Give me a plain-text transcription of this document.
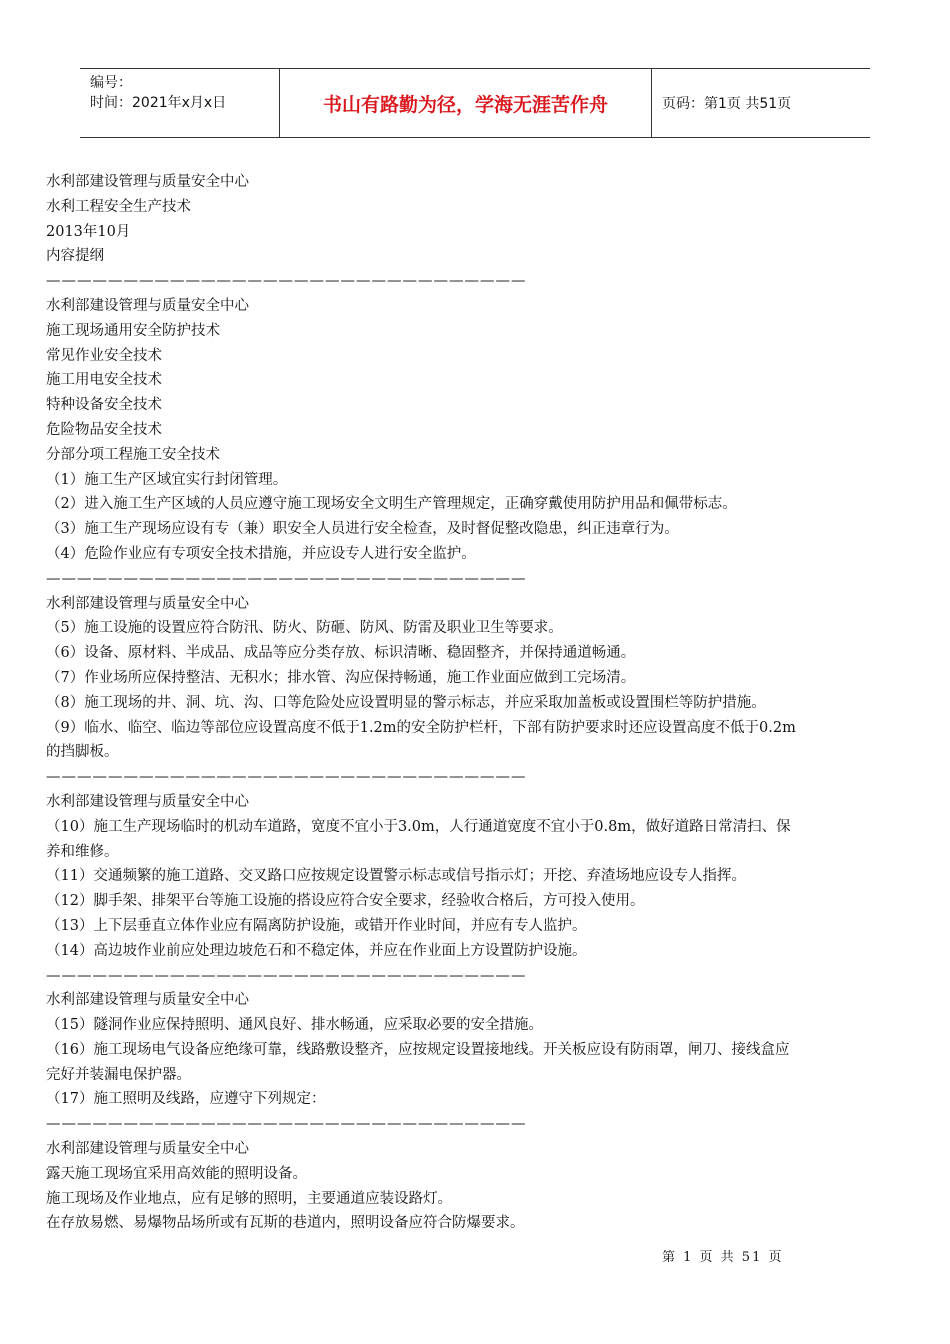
编号：
时间：2021年x月x日	书山有路勤为径，学海无涯苦作舟	页码：第1页 共51页
水利部建设管理与质量安全中心
水利工程安全生产技术
2013年10月
内容提纲
———————————————————————————————
水利部建设管理与质量安全中心
施工现场通用安全防护技术
常见作业安全技术
施工用电安全技术
特种设备安全技术
危险物品安全技术
分部分项工程施工安全技术
（1）施工生产区域宜实行封闭管理。
（2）进入施工生产区域的人员应遵守施工现场安全文明生产管理规定，正确穿戴使用防护用品和佩带标志。
（3）施工生产现场应设有专（兼）职安全人员进行安全检查，及时督促整改隐患，纠正违章行为。
（4）危险作业应有专项安全技术措施，并应设专人进行安全监护。
———————————————————————————————
水利部建设管理与质量安全中心
（5）施工设施的设置应符合防汛、防火、防砸、防风、防雷及职业卫生等要求。
（6）设备、原材料、半成品、成品等应分类存放、标识清晰、稳固整齐，并保持通道畅通。
（7）作业场所应保持整洁、无积水；排水管、沟应保持畅通，施工作业面应做到工完场清。
（8）施工现场的井、洞、坑、沟、口等危险处应设置明显的警示标志，并应采取加盖板或设置围栏等防护措施。
（9）临水、临空、临边等部位应设置高度不低于1.2m的安全防护栏杆，下部有防护要求时还应设置高度不低于0.2m
的挡脚板。
———————————————————————————————
水利部建设管理与质量安全中心
（10）施工生产现场临时的机动车道路，宽度不宜小于3.0m，人行通道宽度不宜小于0.8m，做好道路日常清扫、保
养和维修。
（11）交通频繁的施工道路、交叉路口应按规定设置警示标志或信号指示灯；开挖、弃渣场地应设专人指挥。
（12）脚手架、排架平台等施工设施的搭设应符合安全要求，经验收合格后，方可投入使用。
（13）上下层垂直立体作业应有隔离防护设施，或错开作业时间，并应有专人监护。
（14）高边坡作业前应处理边坡危石和不稳定体，并应在作业面上方设置防护设施。
———————————————————————————————
水利部建设管理与质量安全中心
（15）隧洞作业应保持照明、通风良好、排水畅通，应采取必要的安全措施。
（16）施工现场电气设备应绝缘可靠，线路敷设整齐，应按规定设置接地线。开关板应设有防雨罩，闸刀、接线盒应
完好并装漏电保护器。
（17）施工照明及线路，应遵守下列规定：
———————————————————————————————
水利部建设管理与质量安全中心
露天施工现场宜采用高效能的照明设备。
施工现场及作业地点，应有足够的照明，主要通道应装设路灯。
在存放易燃、易爆物品场所或有瓦斯的巷道内，照明设备应符合防爆要求。
第 1 页 共 51 页
